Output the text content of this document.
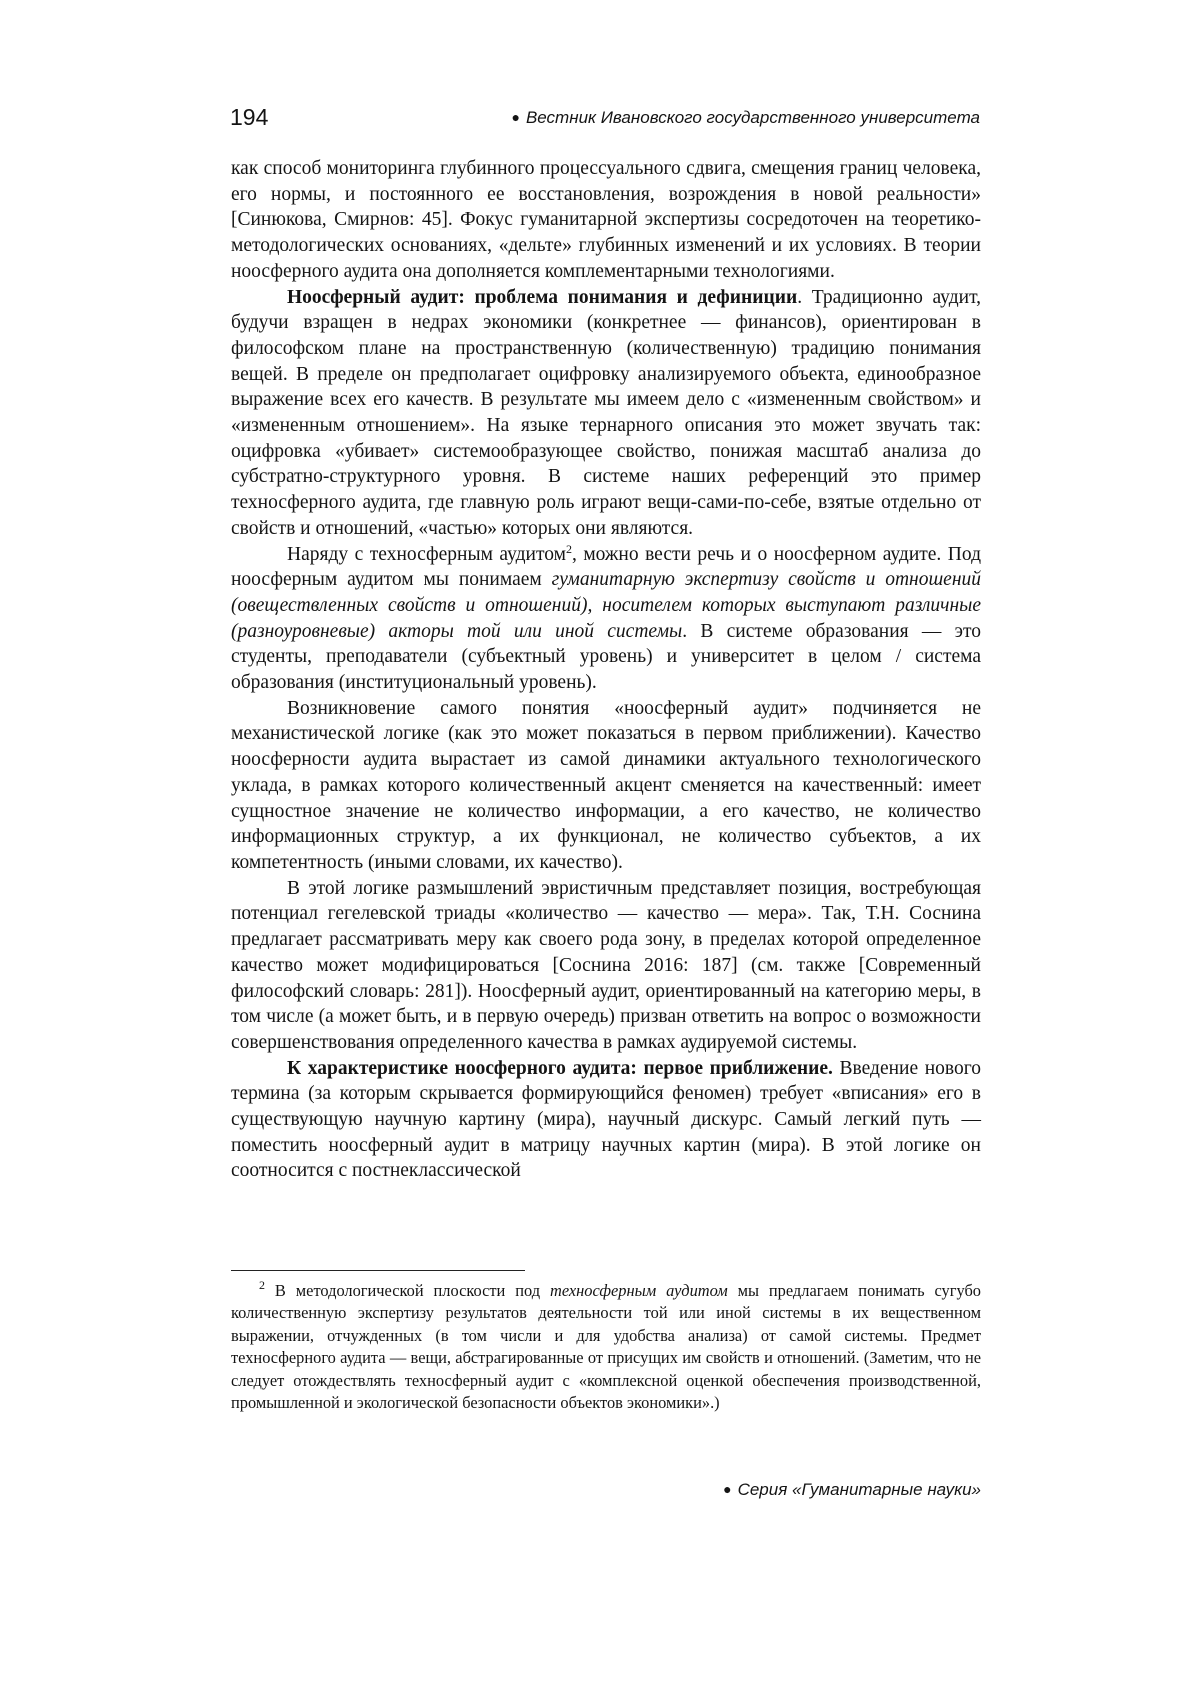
194	● Вестник Ивановского государственного университета

как способ мониторинга глубинного процессуального сдвига, смещения границ человека, его нормы, и постоянного ее восстановления, возрождения в новой реальности» [Синюкова, Смирнов: 45]. Фокус гуманитарной экспертизы сосредоточен на теоретико-методологических основаниях, «дельте» глубинных изменений и их условиях. В теории ноосферного аудита она дополняется комплементарными технологиями.

Ноосферный аудит: проблема понимания и дефиниции. Традиционно аудит, будучи взращен в недрах экономики (конкретнее — финансов), ориентирован в философском плане на пространственную (количественную) традицию понимания вещей. В пределе он предполагает оцифровку анализируемого объекта, единообразное выражение всех его качеств. В результате мы имеем дело с «измененным свойством» и «измененным отношением». На языке тернарного описания это может звучать так: оцифровка «убивает» системообразующее свойство, понижая масштаб анализа до субстратно-структурного уровня. В системе наших референций это пример техносферного аудита, где главную роль играют вещи-сами-по-себе, взятые отдельно от свойств и отношений, «частью» которых они являются.

Наряду с техносферным аудитом2, можно вести речь и о ноосферном аудите. Под ноосферным аудитом мы понимаем гуманитарную экспертизу свойств и отношений (овеществленных свойств и отношений), носителем которых выступают различные (разноуровневые) акторы той или иной системы. В системе образования — это студенты, преподаватели (субъектный уровень) и университет в целом / система образования (институциональный уровень).

Возникновение самого понятия «ноосферный аудит» подчиняется не механистической логике (как это может показаться в первом приближении). Качество ноосферности аудита вырастает из самой динамики актуального технологического уклада, в рамках которого количественный акцент сменяется на качественный: имеет сущностное значение не количество информации, а его качество, не количество информационных структур, а их функционал, не количество субъектов, а их компетентность (иными словами, их качество).

В этой логике размышлений эвристичным представляет позиция, востребующая потенциал гегелевской триады «количество — качество — мера». Так, Т.Н. Соснина предлагает рассматривать меру как своего рода зону, в пределах которой определенное качество может модифицироваться [Соснина 2016: 187] (см. также [Современный философский словарь: 281]). Ноосферный аудит, ориентированный на категорию меры, в том числе (а может быть, и в первую очередь) призван ответить на вопрос о возможности совершенствования определенного качества в рамках аудируемой системы.

К характеристике ноосферного аудита: первое приближение. Введение нового термина (за которым скрывается формирующийся феномен) требует «вписания» его в существующую научную картину (мира), научный дискурс. Самый легкий путь — поместить ноосферный аудит в матрицу научных картин (мира). В этой логике он соотносится с постнеклассической

2 В методологической плоскости под техносферным аудитом мы предлагаем понимать сугубо количественную экспертизу результатов деятельности той или иной системы в их вещественном выражении, отчужденных (в том числи и для удобства анализа) от самой системы. Предмет техносферного аудита — вещи, абстрагированные от присущих им свойств и отношений. (Заметим, что не следует отождествлять техносферный аудит с «комплексной оценкой обеспечения производственной, промышленной и экологической безопасности объектов экономики».)

● Серия «Гуманитарные науки»
